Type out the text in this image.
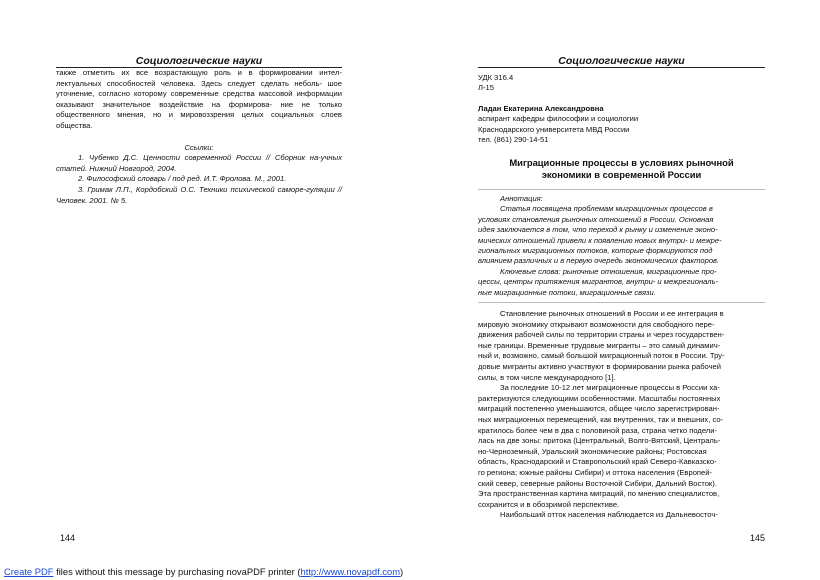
Социологические науки

также отметить их все возрастающую роль и в формировании интел- лектуальных способностей человека. Здесь следует сделать неболь- шое уточнение, согласно которому современные средства массовой информации оказывают значительное воздействие на формирова- ние не только общественного мнения, но и мировоззрения целых социальных слоев общества.

Ссылки:
1. Чубенко Д.С. Ценности современной России // Сборник на-учных статей. Нижний Новгород, 2004.
2. Философский словарь / под ред. И.Т. Фролова. М., 2001.
3. Гримак Л.П., Кордобский О.С. Техники психической саморе-гуляции // Человек. 2001. № 5.
144
Социологические науки
УДК 316.4
Л-15
Ладан Екатерина Александровна
аспирант кафедры философии и социологии
Краснодарского университета МВД России
тел. (861) 290-14-51
Миграционные процессы в условиях рыночной
экономики в современной России
Аннотация:
Статья посвящена проблемам миграционных процессов в
условиях становления рыночных отношений в России. Основная
идея заключается в том, что переход к рынку и изменение эконо-
мических отношений привели к появлению новых внутри- и межре-
гиональных миграционных потоков, которые формируются под
влиянием различных и в первую очередь экономических факторов.
Ключевые слова: рыночные отношения, миграционные про-
цессы, центры притяжения мигрантов, внутри- и межрегиональ-
ные миграционные потоки, миграционные связи.
Становление рыночных отношений в России и ее интеграция в
мировую экономику открывают возможности для свободного пере-
движения рабочей силы по территории страны и через государствен-
ные границы. Временные трудовые мигранты – это самый динамич-
ный и, возможно, самый большой миграционный поток в России. Тру-
довые мигранты активно участвуют в формировании рынка рабочей
силы, в том числе международного [1].
За последние 10-12 лет миграционные процессы в России ха-
рактеризуются следующими особенностями. Масштабы постоянных
миграций постепенно уменьшаются, общее число зарегистрирован-
ных миграционных перемещений, как внутренних, так и внешних, со-
кратилось более чем в два с половиной раза, страна четко подели-
лась на две зоны: притока (Центральный, Волго-Вятский, Централь-
но-Черноземный, Уральский экономические районы; Ростовская
область, Краснодарский и Ставропольский край Северо-Кавказско-
го региона; южные районы Сибири) и оттока населения (Европей-
ский север, северные районы Восточной Сибири, Дальний Восток).
Эта пространственная картина миграций, по мнению специалистов,
сохранится и в обозримой перспективе.
Наибольший отток населения наблюдается из Дальневосточ-
145
Create PDF files without this message by purchasing novaPDF printer (http://www.novapdf.com)
